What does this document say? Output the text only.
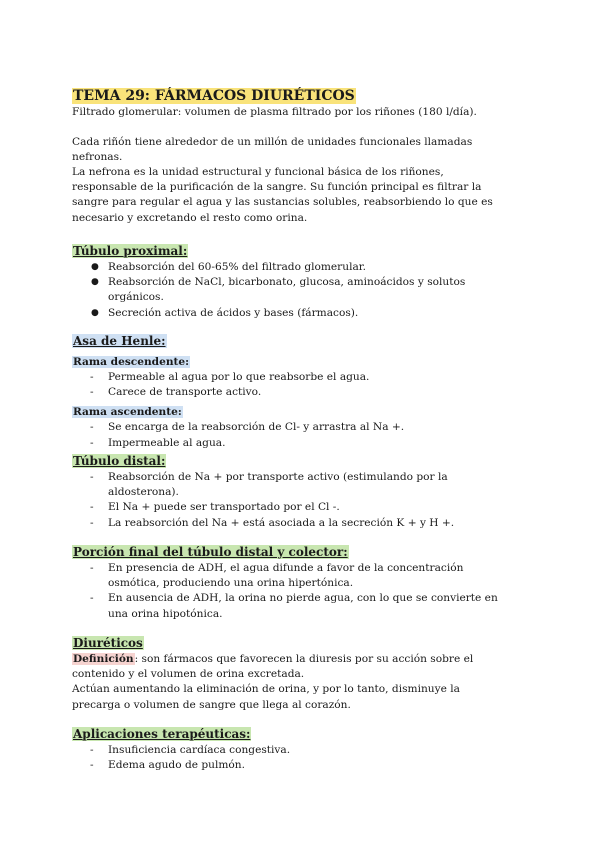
TEMA 29: FÁRMACOS DIURÉTICOS
Filtrado glomerular: volumen de plasma filtrado por los riñones (180 l/día).
Cada riñón tiene alrededor de un millón de unidades funcionales llamadas
nefronas.
La nefrona es la unidad estructural y funcional básica de los riñones,
responsable de la purificación de la sangre. Su función principal es filtrar la
sangre para regular el agua y las sustancias solubles, reabsorbiendo lo que es
necesario y excretando el resto como orina.
Túbulo proximal:
● Reabsorción del 60-65% del filtrado glomerular.
● Reabsorción de NaCl, bicarbonato, glucosa, aminoácidos y solutos
orgánicos.
● Secreción activa de ácidos y bases (fármacos).
Asa de Henle:
Rama descendente:
- Permeable al agua por lo que reabsorbe el agua.
- Carece de transporte activo.
Rama ascendente:
- Se encarga de la reabsorción de Cl- y arrastra al Na +.
- Impermeable al agua.
Túbulo distal:
- Reabsorción de Na + por transporte activo (estimulando por la
aldosterona).
- El Na + puede ser transportado por el Cl -.
- La reabsorción del Na + está asociada a la secreción K + y H +.
Porción final del túbulo distal y colector:
- En presencia de ADH, el agua difunde a favor de la concentración
osmótica, produciendo una orina hipertónica.
- En ausencia de ADH, la orina no pierde agua, con lo que se convierte en
una orina hipotónica.
Diuréticos
Definición: son fármacos que favorecen la diuresis por su acción sobre el
contenido y el volumen de orina excretada.
Actúan aumentando la eliminación de orina, y por lo tanto, disminuye la
precarga o volumen de sangre que llega al corazón.
Aplicaciones terapéuticas:
- Insuficiencia cardíaca congestiva.
- Edema agudo de pulmón.
